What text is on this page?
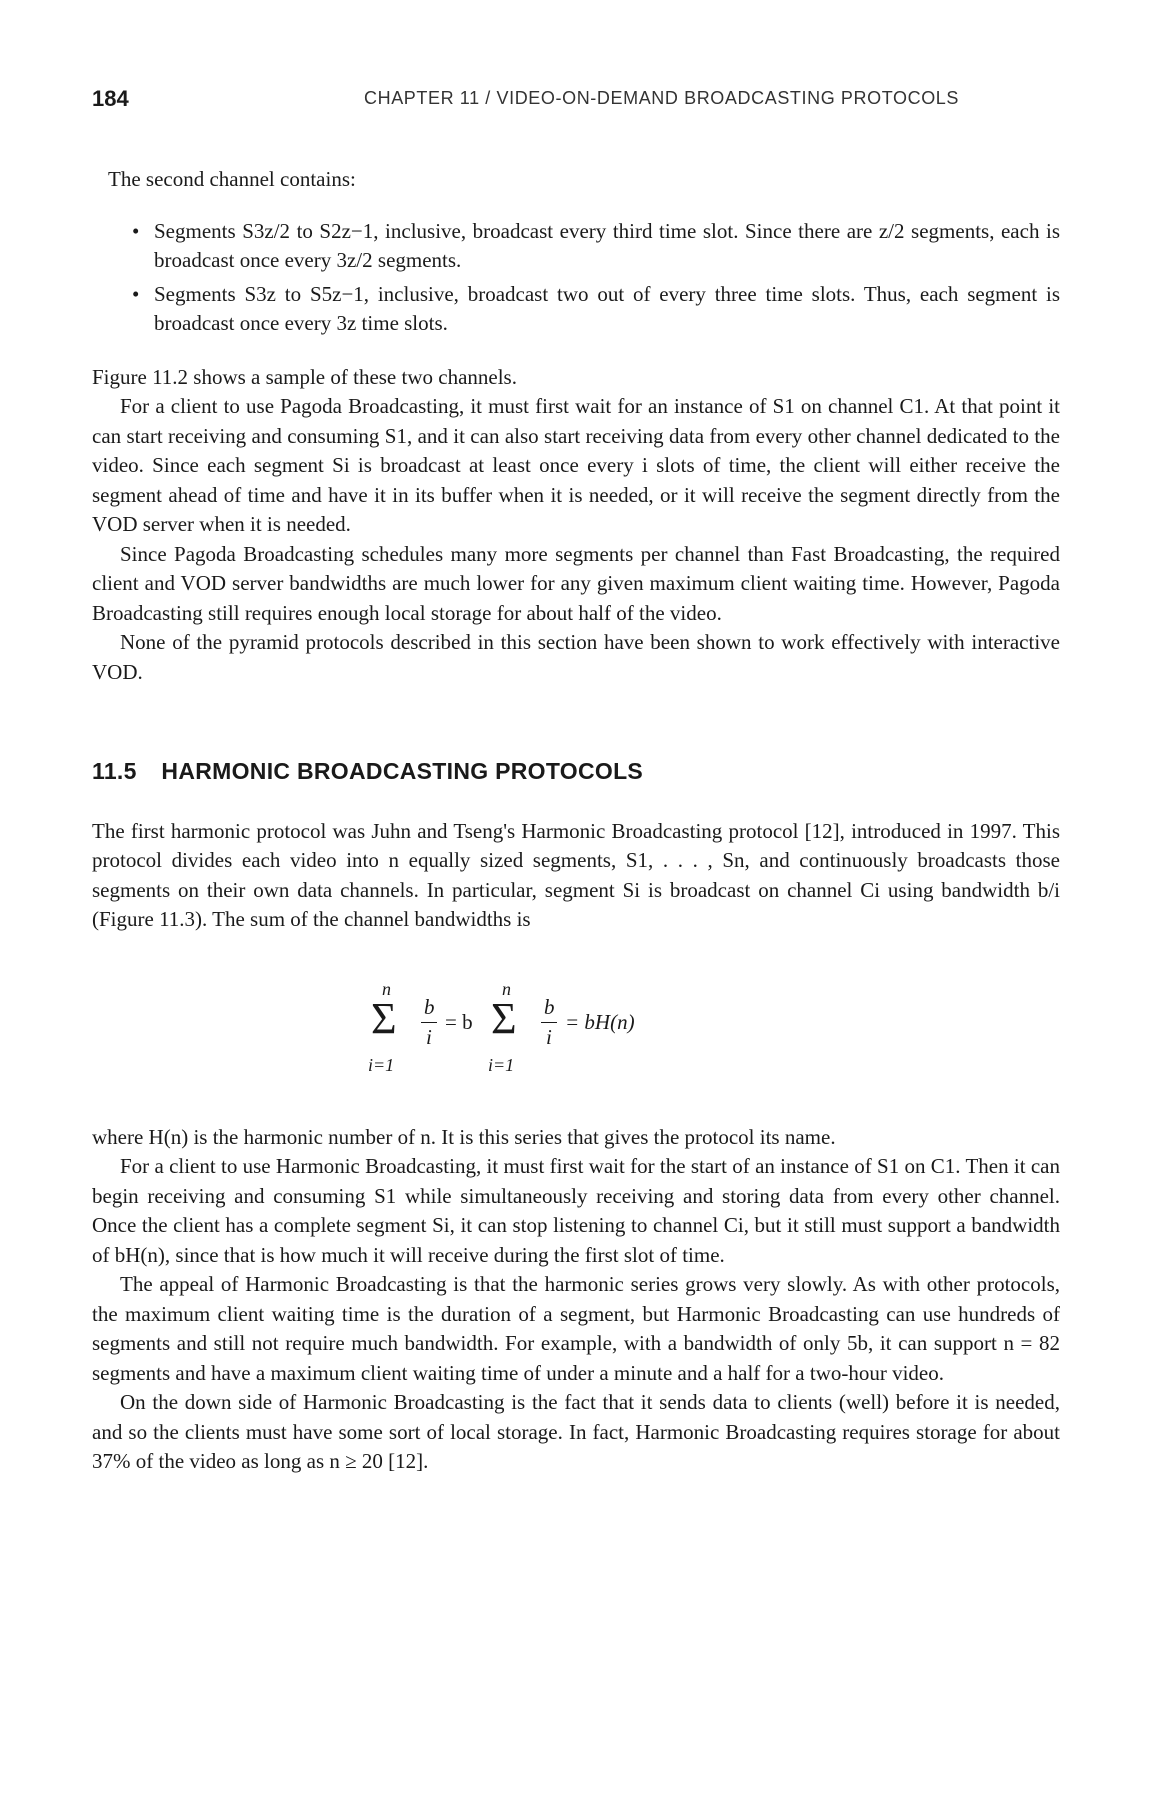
184	CHAPTER 11 / VIDEO-ON-DEMAND BROADCASTING PROTOCOLS

The second channel contains:

• Segments S3z/2 to S2z−1, inclusive, broadcast every third time slot. Since there are z/2 segments, each is broadcast once every 3z/2 segments.
• Segments S3z to S5z−1, inclusive, broadcast two out of every three time slots. Thus, each segment is broadcast once every 3z time slots.

Figure 11.2 shows a sample of these two channels.

For a client to use Pagoda Broadcasting, it must first wait for an instance of S1 on channel C1. At that point it can start receiving and consuming S1, and it can also start receiving data from every other channel dedicated to the video. Since each segment Si is broadcast at least once every i slots of time, the client will either receive the segment ahead of time and have it in its buffer when it is needed, or it will receive the segment directly from the VOD server when it is needed.

Since Pagoda Broadcasting schedules many more segments per channel than Fast Broadcasting, the required client and VOD server bandwidths are much lower for any given maximum client waiting time. However, Pagoda Broadcasting still requires enough local storage for about half of the video.

None of the pyramid protocols described in this section have been shown to work effectively with interactive VOD.

11.5 HARMONIC BROADCASTING PROTOCOLS

The first harmonic protocol was Juhn and Tseng's Harmonic Broadcasting protocol [12], introduced in 1997. This protocol divides each video into n equally sized segments, S1, . . . , Sn, and continuously broadcasts those segments on their own data channels. In particular, segment Si is broadcast on channel Ci using bandwidth b/i (Figure 11.3). The sum of the channel bandwidths is

n
Σ
i=1
b
i
= b
n
Σ
i=1
b
i
= bH(n)

where H(n) is the harmonic number of n. It is this series that gives the protocol its name.

For a client to use Harmonic Broadcasting, it must first wait for the start of an instance of S1 on C1. Then it can begin receiving and consuming S1 while simultaneously receiving and storing data from every other channel. Once the client has a complete segment Si, it can stop listening to channel Ci, but it still must support a bandwidth of bH(n), since that is how much it will receive during the first slot of time.

The appeal of Harmonic Broadcasting is that the harmonic series grows very slowly. As with other protocols, the maximum client waiting time is the duration of a segment, but Harmonic Broadcasting can use hundreds of segments and still not require much bandwidth. For example, with a bandwidth of only 5b, it can support n = 82 segments and have a maximum client waiting time of under a minute and a half for a two-hour video.

On the down side of Harmonic Broadcasting is the fact that it sends data to clients (well) before it is needed, and so the clients must have some sort of local storage. In fact, Harmonic Broadcasting requires storage for about 37% of the video as long as n ≥ 20 [12].
